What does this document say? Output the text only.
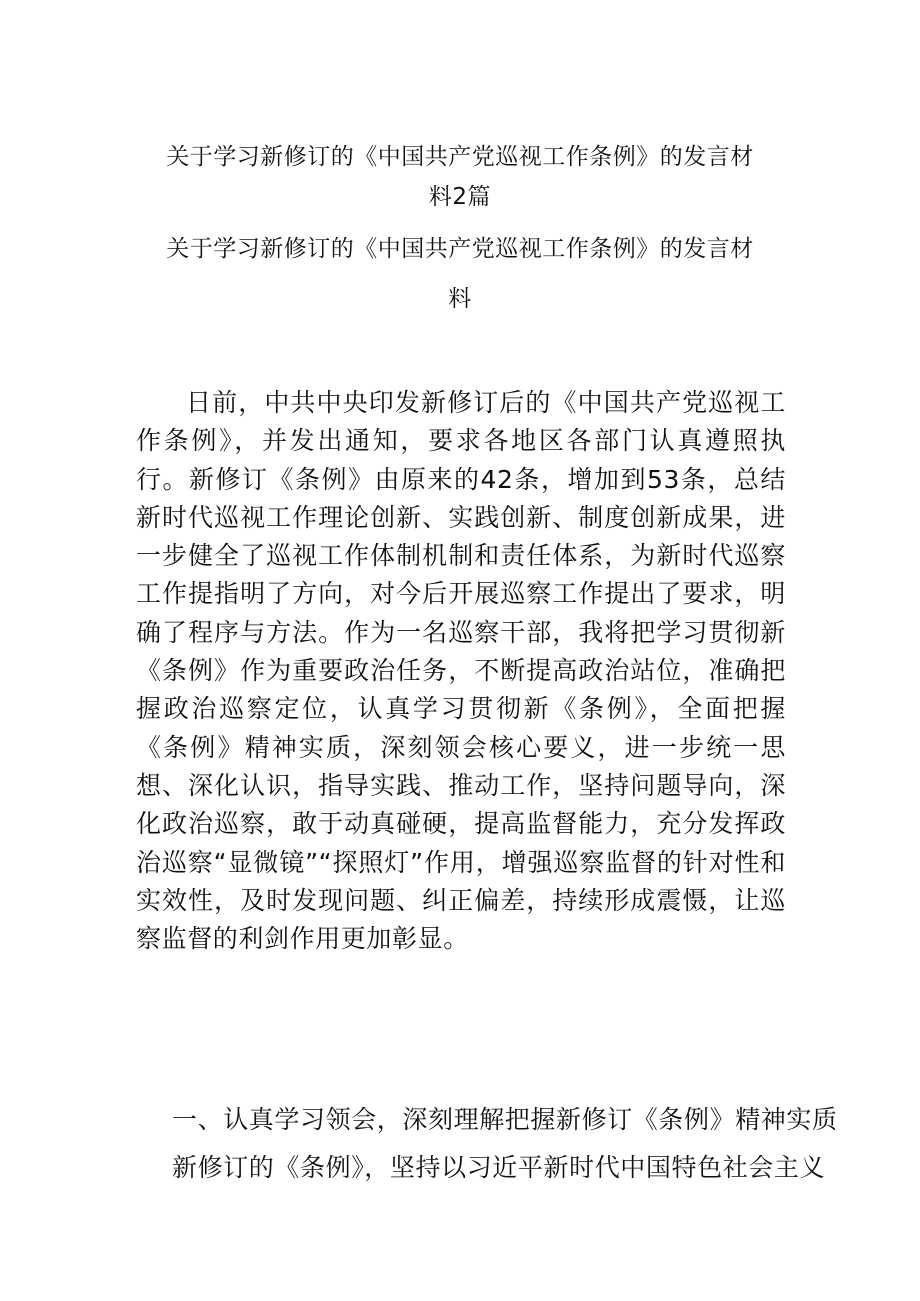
关于学习新修订的《中国共产党巡视工作条例》的发言材
料2篇
关于学习新修订的《中国共产党巡视工作条例》的发言材
料
日前，中共中央印发新修订后的《中国共产党巡视工作条例》，并发出通知，要求各地区各部门认真遵照执行。新修订《条例》由原来的42条，增加到53条，总结新时代巡视工作理论创新、实践创新、制度创新成果，进一步健全了巡视工作体制机制和责任体系，为新时代巡察工作提指明了方向，对今后开展巡察工作提出了要求，明确了程序与方法。作为一名巡察干部，我将把学习贯彻新《条例》作为重要政治任务，不断提高政治站位，准确把握政治巡察定位，认真学习贯彻新《条例》，全面把握《条例》精神实质，深刻领会核心要义，进一步统一思想、深化认识，指导实践、推动工作，坚持问题导向，深化政治巡察，敢于动真碰硬，提高监督能力，充分发挥政治巡察“显微镜”“探照灯”作用，增强巡察监督的针对性和实效性，及时发现问题、纠正偏差，持续形成震慑，让巡察监督的利剑作用更加彰显。
一、认真学习领会，深刻理解把握新修订《条例》精神实质
新修订的《条例》，坚持以习近平新时代中国特色社会主义
